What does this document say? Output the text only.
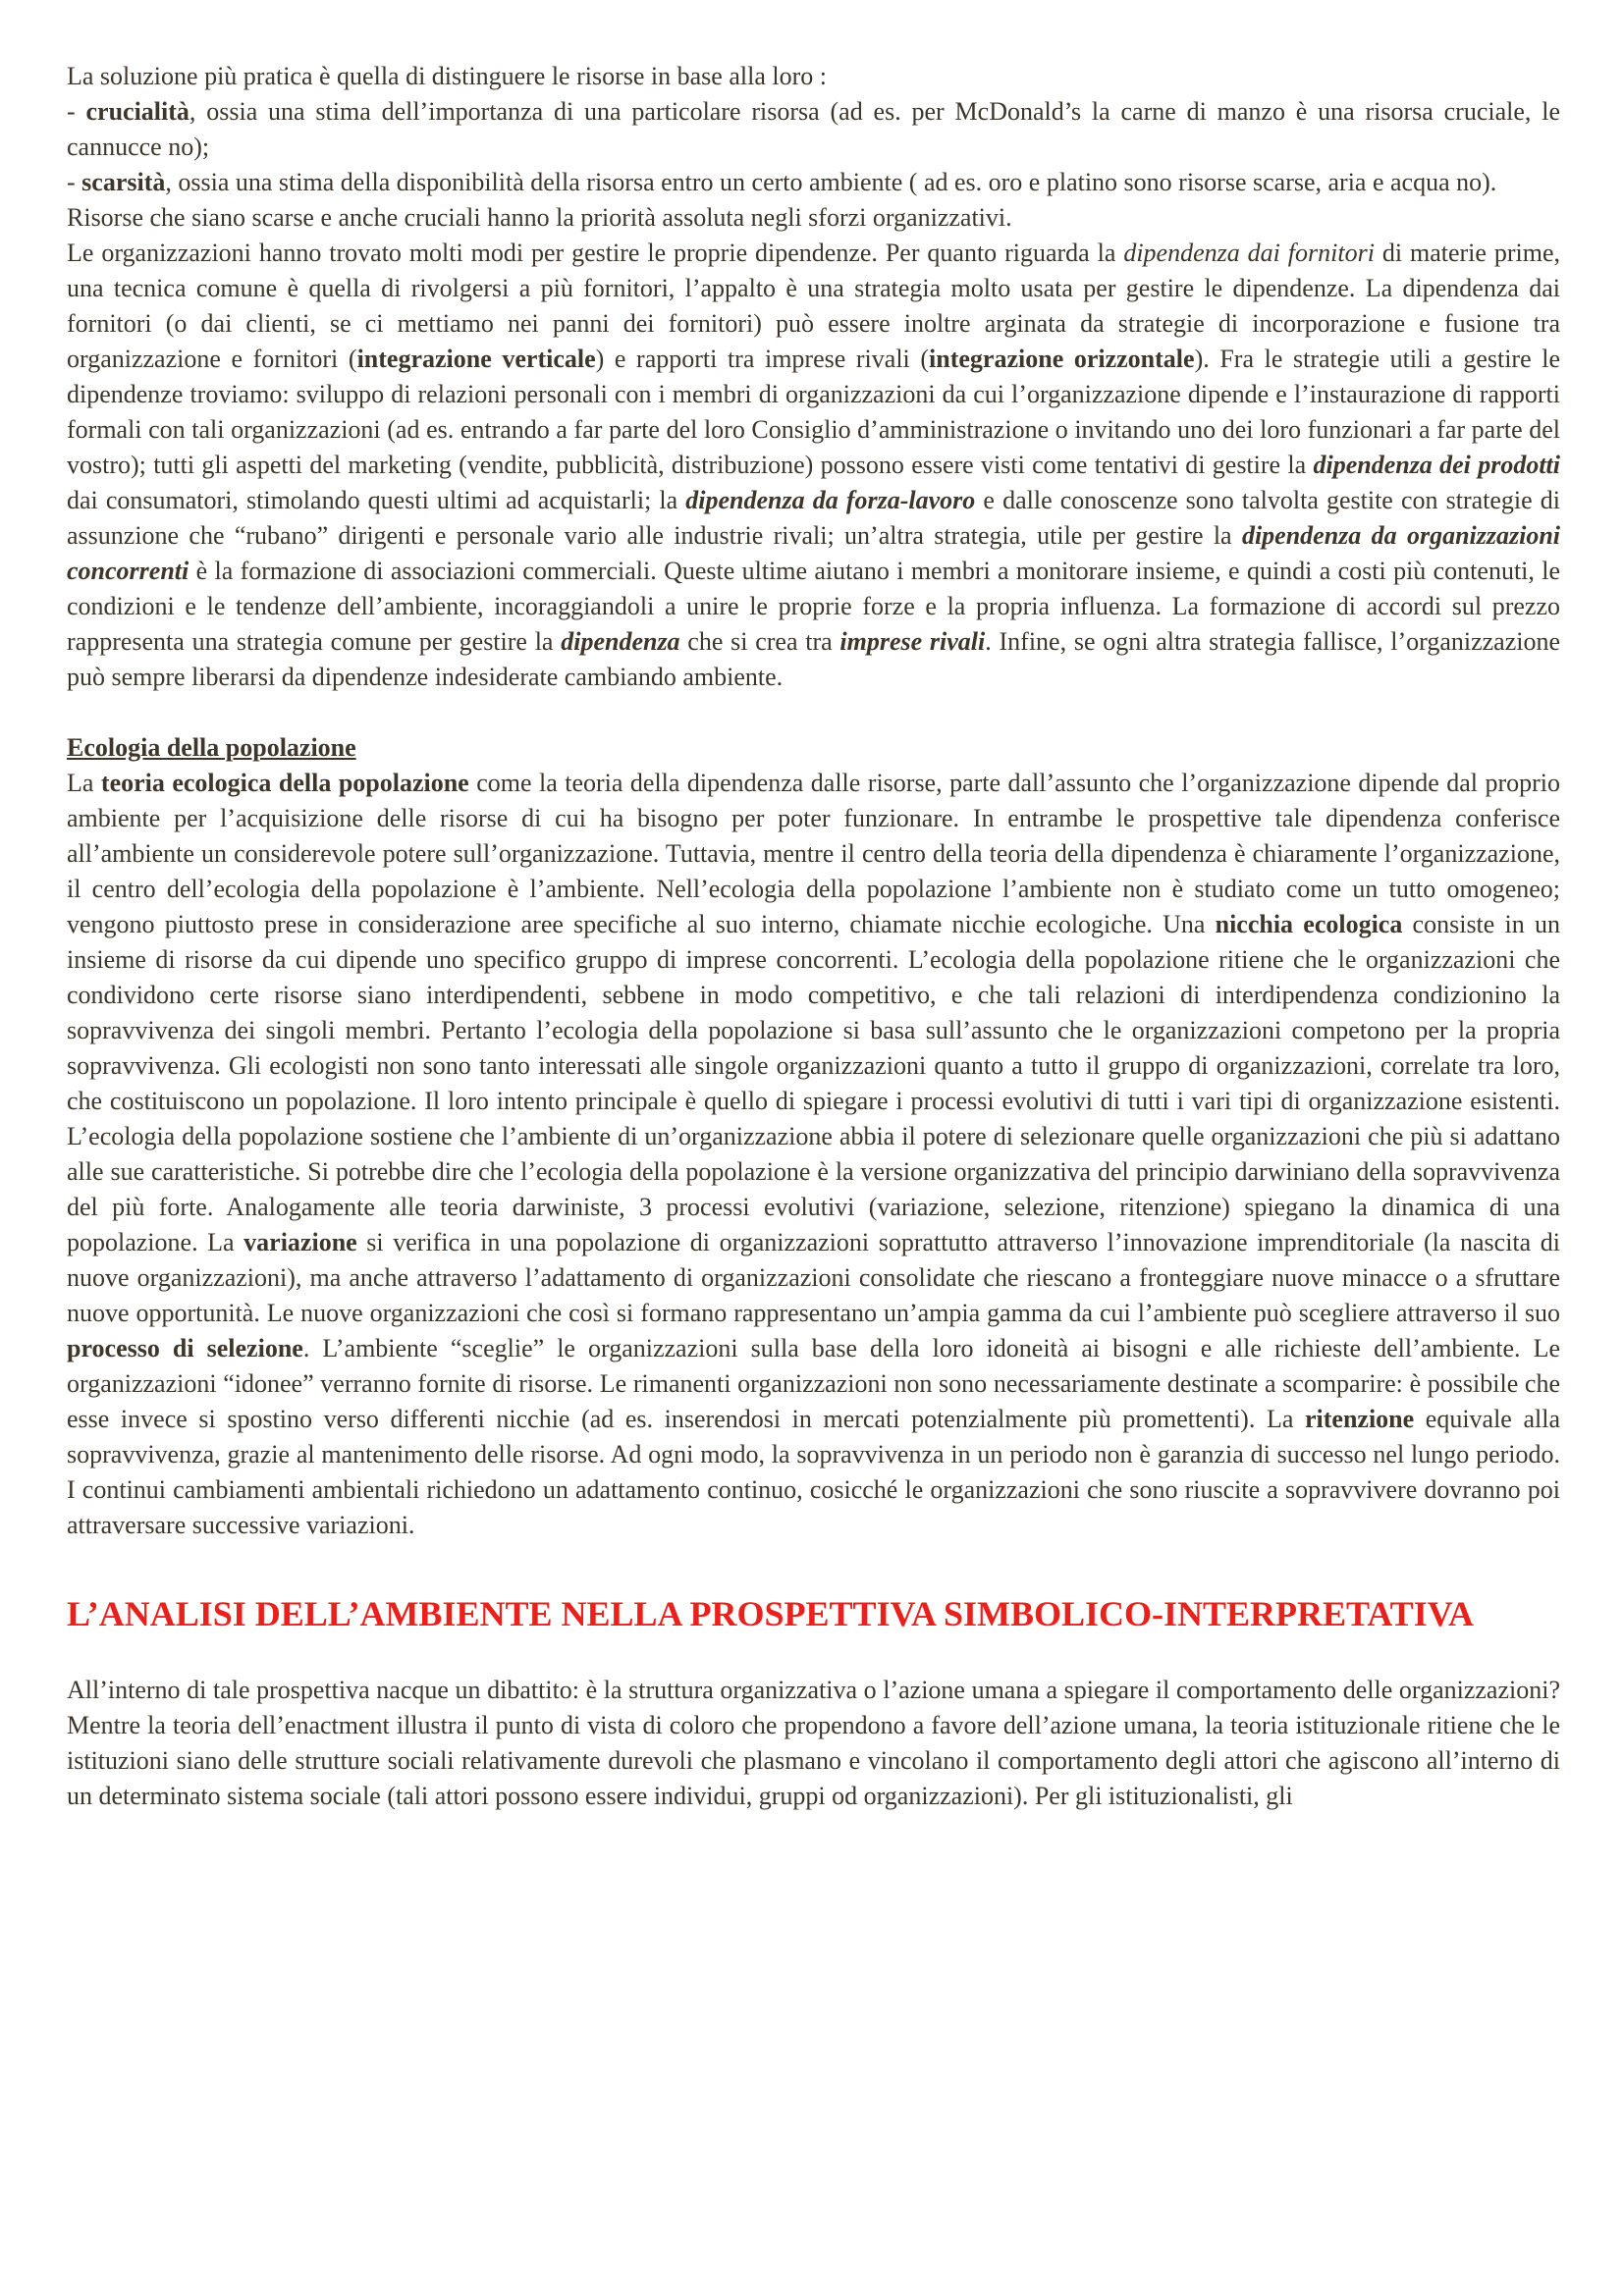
La soluzione più pratica è quella di distinguere le risorse in base alla loro :

- crucialità, ossia una stima dell’importanza di una particolare risorsa (ad es. per McDonald’s la carne di manzo è una risorsa cruciale, le cannucce no);

- scarsità, ossia una stima della disponibilità della risorsa entro un certo ambiente ( ad es. oro e platino sono risorse scarse, aria e acqua no).

Risorse che siano scarse e anche cruciali hanno la priorità assoluta negli sforzi organizzativi.

Le organizzazioni hanno trovato molti modi per gestire le proprie dipendenze. Per quanto riguarda la dipendenza dai fornitori di materie prime, una tecnica comune è quella di rivolgersi a più fornitori, l’appalto è una strategia molto usata per gestire le dipendenze. La dipendenza dai fornitori (o dai clienti, se ci mettiamo nei panni dei fornitori) può essere inoltre arginata da strategie di incorporazione e fusione tra organizzazione e fornitori (integrazione verticale) e rapporti tra imprese rivali (integrazione orizzontale). Fra le strategie utili a gestire le dipendenze troviamo: sviluppo di relazioni personali con i membri di organizzazioni da cui l’organizzazione dipende e l’instaurazione di rapporti formali con tali organizzazioni (ad es. entrando a far parte del loro Consiglio d’amministrazione o invitando uno dei loro funzionari a far parte del vostro); tutti gli aspetti del marketing (vendite, pubblicità, distribuzione) possono essere visti come tentativi di gestire la dipendenza dei prodotti dai consumatori, stimolando questi ultimi ad acquistarli; la dipendenza da forza-lavoro e dalle conoscenze sono talvolta gestite con strategie di assunzione che “rubano” dirigenti e personale vario alle industrie rivali; un’altra strategia, utile per gestire la dipendenza da organizzazioni concorrenti è la formazione di associazioni commerciali. Queste ultime aiutano i membri a monitorare insieme, e quindi a costi più contenuti, le condizioni e le tendenze dell’ambiente, incoraggiandoli a unire le proprie forze e la propria influenza. La formazione di accordi sul prezzo rappresenta una strategia comune per gestire la dipendenza che si crea tra imprese rivali. Infine, se ogni altra strategia fallisce, l’organizzazione può sempre liberarsi da dipendenze indesiderate cambiando ambiente.

Ecologia della popolazione

La teoria ecologica della popolazione come la teoria della dipendenza dalle risorse, parte dall’assunto che l’organizzazione dipende dal proprio ambiente per l’acquisizione delle risorse di cui ha bisogno per poter funzionare. In entrambe le prospettive tale dipendenza conferisce all’ambiente un considerevole potere sull’organizzazione. Tuttavia, mentre il centro della teoria della dipendenza è chiaramente l’organizzazione, il centro dell’ecologia della popolazione è l’ambiente. Nell’ecologia della popolazione l’ambiente non è studiato come un tutto omogeneo; vengono piuttosto prese in considerazione aree specifiche al suo interno, chiamate nicchie ecologiche. Una nicchia ecologica consiste in un insieme di risorse da cui dipende uno specifico gruppo di imprese concorrenti. L’ecologia della popolazione ritiene che le organizzazioni che condividono certe risorse siano interdipendenti, sebbene in modo competitivo, e che tali relazioni di interdipendenza condizionino la sopravvivenza dei singoli membri. Pertanto l’ecologia della popolazione si basa sull’assunto che le organizzazioni competono per la propria sopravvivenza. Gli ecologisti non sono tanto interessati alle singole organizzazioni quanto a tutto il gruppo di organizzazioni, correlate tra loro, che costituiscono un popolazione. Il loro intento principale è quello di spiegare i processi evolutivi di tutti i vari tipi di organizzazione esistenti. L’ecologia della popolazione sostiene che l’ambiente di un’organizzazione abbia il potere di selezionare quelle organizzazioni che più si adattano alle sue caratteristiche. Si potrebbe dire che l’ecologia della popolazione è la versione organizzativa del principio darwiniano della sopravvivenza del più forte. Analogamente alle teoria darwiniste, 3 processi evolutivi (variazione, selezione, ritenzione) spiegano la dinamica di una popolazione. La variazione si verifica in una popolazione di organizzazioni soprattutto attraverso l’innovazione imprenditoriale (la nascita di nuove organizzazioni), ma anche attraverso l’adattamento di organizzazioni consolidate che riescano a fronteggiare nuove minacce o a sfruttare nuove opportunità. Le nuove organizzazioni che così si formano rappresentano un’ampia gamma da cui l’ambiente può scegliere attraverso il suo processo di selezione. L’ambiente “sceglie” le organizzazioni sulla base della loro idoneità ai bisogni e alle richieste dell’ambiente. Le organizzazioni “idonee” verranno fornite di risorse. Le rimanenti organizzazioni non sono necessariamente destinate a scomparire: è possibile che esse invece si spostino verso differenti nicchie (ad es. inserendosi in mercati potenzialmente più promettenti). La ritenzione equivale alla sopravvivenza, grazie al mantenimento delle risorse. Ad ogni modo, la sopravvivenza in un periodo non è garanzia di successo nel lungo periodo. I continui cambiamenti ambientali richiedono un adattamento continuo, cosicché le organizzazioni che sono riuscite a sopravvivere dovranno poi attraversare successive variazioni.

L’ANALISI DELL’AMBIENTE NELLA PROSPETTIVA SIMBOLICO-INTERPRETATIVA

All’interno di tale prospettiva nacque un dibattito: è la struttura organizzativa o l’azione umana a spiegare il comportamento delle organizzazioni? Mentre la teoria dell’enactment illustra il punto di vista di coloro che propendono a favore dell’azione umana, la teoria istituzionale ritiene che le istituzioni siano delle strutture sociali relativamente durevoli che plasmano e vincolano il comportamento degli attori che agiscono all’interno di un determinato sistema sociale (tali attori possono essere individui, gruppi od organizzazioni). Per gli istituzionalisti, gli
